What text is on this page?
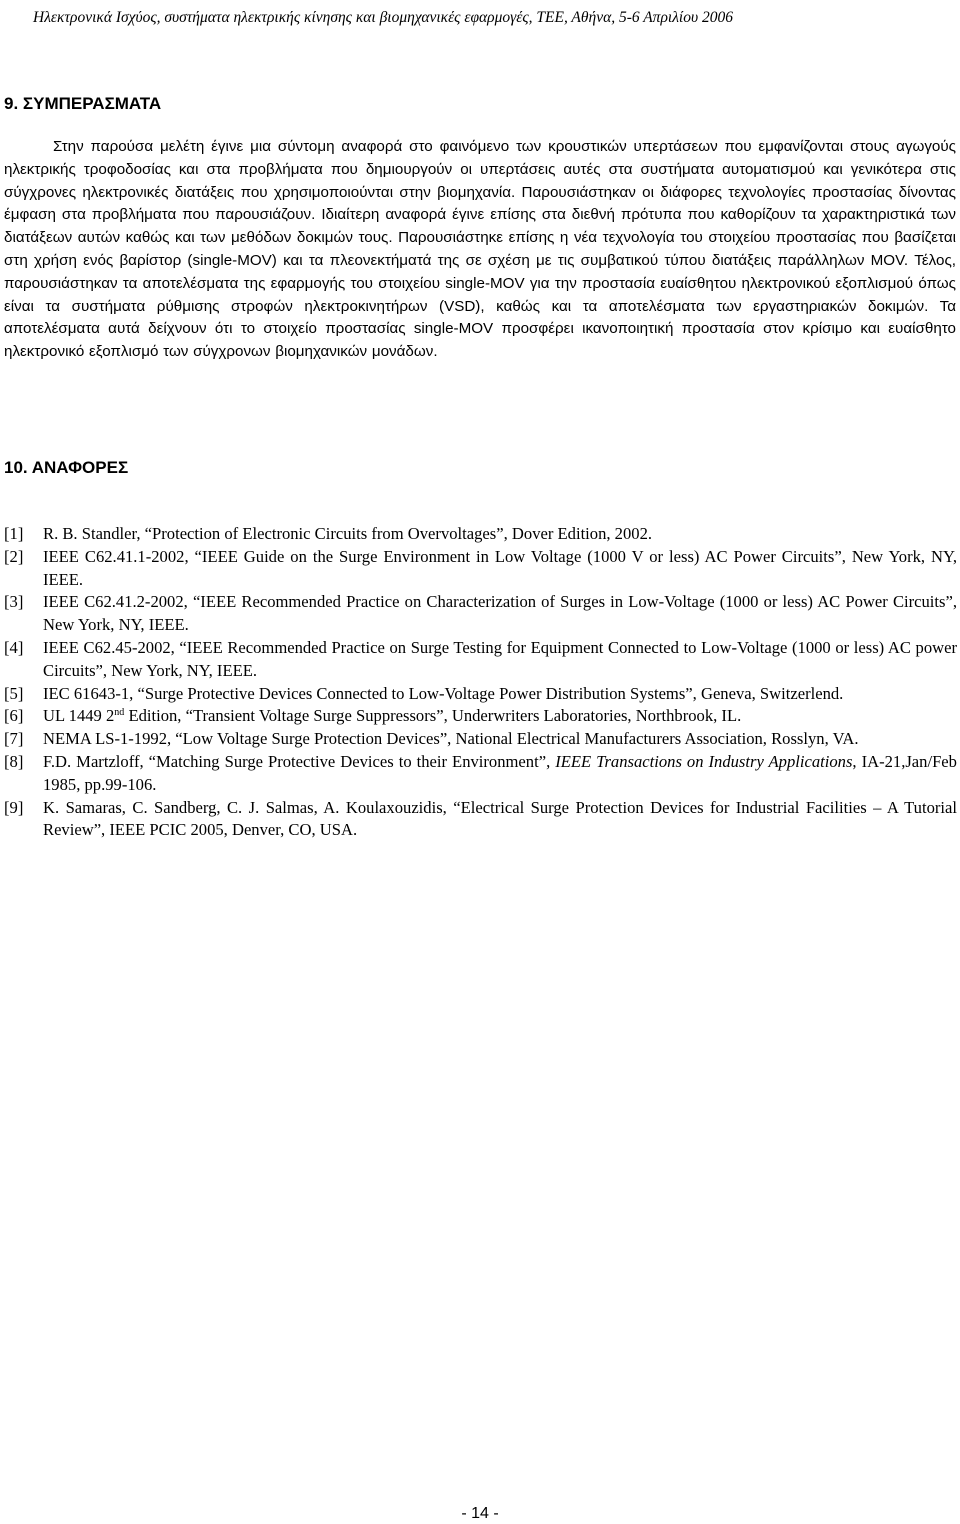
Ηλεκτρονικά Ισχύος, συστήματα ηλεκτρικής κίνησης και βιομηχανικές εφαρμογές, ΤΕΕ, Αθήνα, 5-6 Απριλίου 2006
9. ΣΥΜΠΕΡΑΣΜΑΤΑ

Στην παρούσα μελέτη έγινε μια σύντομη αναφορά στο φαινόμενο των κρουστικών υπερτάσεων που εμφανίζονται στους αγωγούς ηλεκτρικής τροφοδοσίας και στα προβλήματα που δημιουργούν οι υπερτάσεις αυτές στα συστήματα αυτοματισμού και γενικότερα στις σύγχρονες ηλεκτρονικές διατάξεις που χρησιμοποιούνται στην βιομηχανία. Παρουσιάστηκαν οι διάφορες τεχνολογίες προστασίας δίνοντας έμφαση στα προβλήματα που παρουσιάζουν. Ιδιαίτερη αναφορά έγινε επίσης στα διεθνή πρότυπα που καθορίζουν τα χαρακτηριστικά των διατάξεων αυτών καθώς και των μεθόδων δοκιμών τους. Παρουσιάστηκε επίσης η νέα τεχνολογία του στοιχείου προστασίας που βασίζεται στη χρήση ενός βαρίστορ (single-MOV) και τα πλεονεκτήματά της σε σχέση με τις συμβατικού τύπου διατάξεις παράλληλων MOV. Τέλος, παρουσιάστηκαν τα αποτελέσματα της εφαρμογής του στοιχείου single-MOV για την προστασία ευαίσθητου ηλεκτρονικού εξοπλισμού όπως είναι τα συστήματα ρύθμισης στροφών ηλεκτροκινητήρων (VSD), καθώς και τα αποτελέσματα των εργαστηριακών δοκιμών. Τα αποτελέσματα αυτά δείχνουν ότι το στοιχείο προστασίας single-MOV προσφέρει ικανοποιητική προστασία στον κρίσιμο και ευαίσθητο ηλεκτρονικό εξοπλισμό των σύγχρονων βιομηχανικών μονάδων.

10. ΑΝΑΦΟΡΕΣ
[1] R. B. Standler, “Protection of Electronic Circuits from Overvoltages”, Dover Edition, 2002.
[2] IEEE C62.41.1-2002, “IEEE Guide on the Surge Environment in Low Voltage (1000 V or less) AC Power Circuits”, New York, NY, IEEE.
[3] IEEE C62.41.2-2002, “IEEE Recommended Practice on Characterization of Surges in Low-Voltage (1000 or less) AC Power Circuits”, New York, NY, IEEE.
[4] IEEE C62.45-2002, “IEEE Recommended Practice on Surge Testing for Equipment Connected to Low-Voltage (1000 or less) AC power Circuits”, New York, NY, IEEE.
[5] IEC 61643-1, “Surge Protective Devices Connected to Low-Voltage Power Distribution Systems”, Geneva, Switzerlend.
[6] UL 1449 2nd Edition, “Transient Voltage Surge Suppressors”, Underwriters Laboratories, Northbrook, IL.
[7] NEMA LS-1-1992, “Low Voltage Surge Protection Devices”, National Electrical Manufacturers Association, Rosslyn, VA.
[8] F.D. Martzloff, “Matching Surge Protective Devices to their Environment”, IEEE Transactions on Industry Applications, IA-21,Jan/Feb 1985, pp.99-106.
[9] K. Samaras, C. Sandberg, C. J. Salmas, A. Koulaxouzidis, “Electrical Surge Protection Devices for Industrial Facilities – A Tutorial Review”, IEEE PCIC 2005, Denver, CO, USA.
- 14 -
